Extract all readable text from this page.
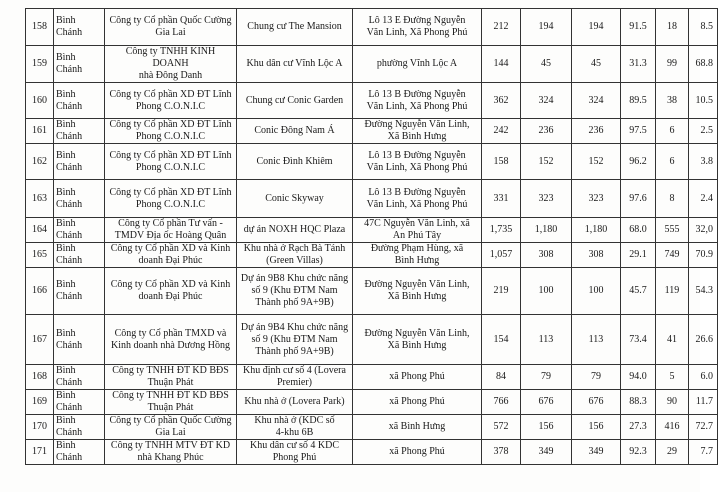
158	Bình Chánh	Công ty Cổ phần Quốc Cường
Gia Lai	Chung cư The Mansion	Lô 13 E Đường Nguyễn
Văn Linh, Xã Phong Phú	212	194	194	91.5	18	8.5

159	Bình Chánh	Công ty TNHH KINH DOANH
nhà Đông Danh	Khu dân cư Vĩnh Lộc A	phường Vĩnh Lộc A	144	45	45	31.3	99	68.8

160	Bình Chánh	Công ty Cổ phần XD ĐT Lĩnh
Phong C.O.N.I.C	Chung cư Conic Garden	Lô 13 B Đường Nguyễn
Văn Linh, Xã Phong Phú	362	324	324	89.5	38	10.5

161	Bình Chánh	Công ty Cổ phần XD ĐT Lĩnh
Phong C.O.N.I.C	Conic Đông Nam Á	Đường Nguyễn Văn Linh,
Xã Bình Hưng	242	236	236	97.5	6	2.5

162	Bình Chánh	Công ty Cổ phần XD ĐT Lĩnh
Phong C.O.N.I.C	Conic Đình Khiêm	Lô 13 B Đường Nguyễn
Văn Linh, Xã Phong Phú	158	152	152	96.2	6	3.8

163	Bình Chánh	Công ty Cổ phần XD ĐT Lĩnh
Phong C.O.N.I.C	Conic Skyway	Lô 13 B Đường Nguyễn
Văn Linh, Xã Phong Phú	331	323	323	97.6	8	2.4

164	Bình Chánh	Công ty Cổ phần Tư vấn -
TMDV Địa ốc Hoàng Quân	dự án NOXH HQC Plaza	47C Nguyễn Văn Linh, xã
An Phú Tây	1,735	1,180	1,180	68.0	555	32,0

165	Bình Chánh	Công ty Cổ phần XD và Kinh
doanh Đại Phúc	Khu nhà ở Rạch Bà Tánh
(Green Villas)	Đường Phạm Hùng, xã
Bình Hưng	1,057	308	308	29.1	749	70.9

166	Bình Chánh	Công ty Cổ phần XD và Kinh
doanh Đại Phúc	Dự án 9B8 Khu chức năng
số 9 (Khu ĐTM Nam
Thành phố 9A+9B)	Đường Nguyễn Văn Linh,
Xã Bình Hưng	219	100	100	45.7	119	54.3

167	Bình Chánh	Công ty Cổ phần TMXD và
Kinh doanh nhà Dương Hồng	Dự án 9B4 Khu chức năng
số 9 (Khu ĐTM Nam
Thành phố 9A+9B)	Đường Nguyễn Văn Linh,
Xã Bình Hưng	154	113	113	73.4	41	26.6

168	Bình Chánh	Công ty TNHH ĐT KD BĐS
Thuận Phát	Khu định cư số 4 (Lovera
Premier)	xã Phong Phú	84	79	79	94.0	5	6.0

169	Bình Chánh	Công ty TNHH ĐT KD BĐS
Thuận Phát	Khu nhà ở (Lovera Park)	xã Phong Phú	766	676	676	88.3	90	11.7

170	Bình Chánh	Công ty Cổ phần Quốc Cường
Gia Lai	Khu nhà ở (KDC số
4-khu 6B	xã Bình Hưng	572	156	156	27.3	416	72.7

171	Bình Chánh	Công ty TNHH MTV ĐT KD
nhà Khang Phúc	Khu dân cư số 4 KDC
Phong Phú	xã Phong Phú	378	349	349	92.3	29	7.7
